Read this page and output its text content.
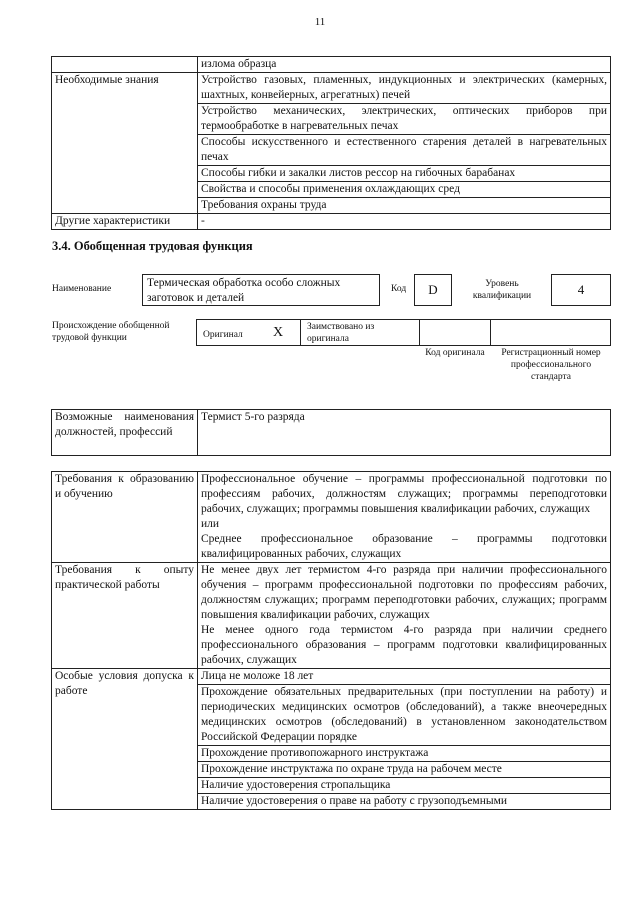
11
	излома образца
Необходимые знания	Устройство газовых, пламенных, индукционных и электрических (камерных, шахтных, конвейерных, агрегатных) печей
	Устройство механических, электрических, оптических приборов при термообработке в нагревательных печах
	Способы искусственного и естественного старения деталей в нагревательных печах
	Способы гибки и закалки листов рессор на гибочных барабанах
	Свойства и способы применения охлаждающих сред
	Требования охраны труда
Другие характеристики	-
3.4. Обобщенная трудовая функция
Наименование	Термическая обработка особо сложных заготовок и деталей
Код	D	Уровень квалификации	4
Происхождение обобщенной трудовой функции	Оригинал X	Заимствовано из оригинала
Код оригинала	Регистрационный номер профессионального стандарта
Возможные наименования должностей, профессий	Термист 5-го разряда
Требования к образованию и обучению	Профессиональное обучение – программы профессиональной подготовки по профессиям рабочих, должностям служащих; программы переподготовки рабочих, служащих; программы повышения квалификации рабочих, служащих
или
Среднее профессиональное образование – программы подготовки квалифицированных рабочих, служащих

Требования к опыту практической работы	Не менее двух лет термистом 4-го разряда при наличии профессионального обучения – программ профессиональной подготовки по профессиям рабочих, должностям служащих; программ переподготовки рабочих, служащих; программ повышения квалификации рабочих, служащих
Не менее одного года термистом 4-го разряда при наличии среднего профессионального образования – программ подготовки квалифицированных рабочих, служащих

Особые условия допуска к работе	Лица не моложе 18 лет
	Прохождение обязательных предварительных (при поступлении на работу) и периодических медицинских осмотров (обследований), а также внеочередных медицинских осмотров (обследований) в установленном законодательством Российской Федерации порядке
	Прохождение противопожарного инструктажа
	Прохождение инструктажа по охране труда на рабочем месте
	Наличие удостоверения стропальщика
	Наличие удостоверения о праве на работу с грузоподъемными
